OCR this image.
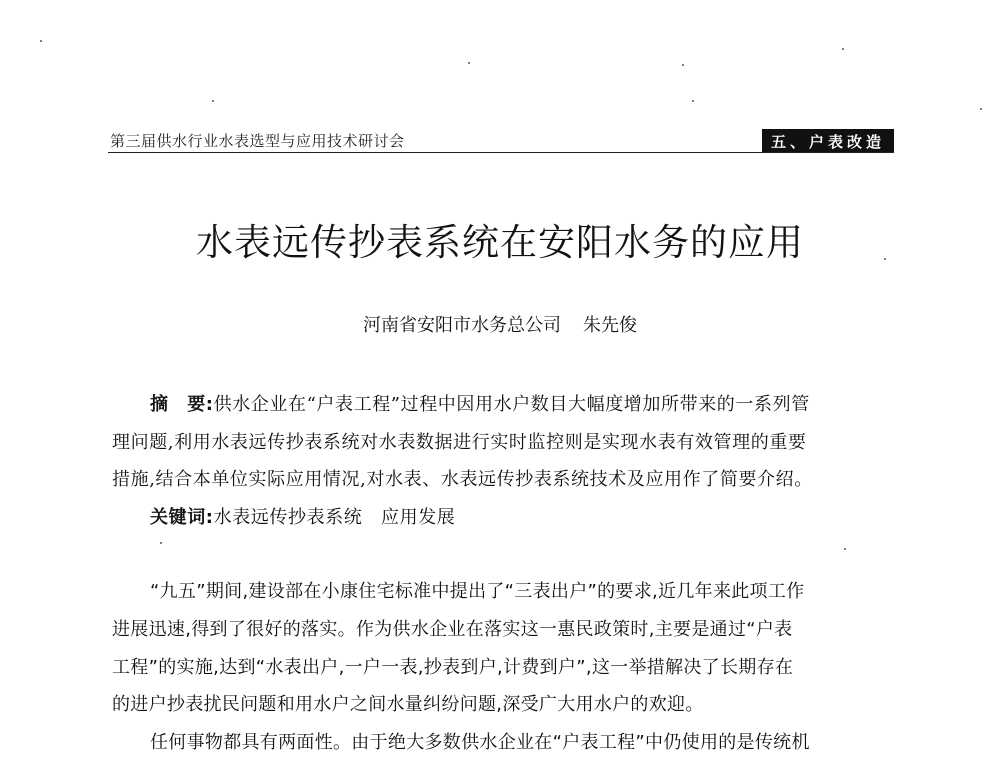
第三届供水行业水表选型与应用技术研讨会	五、户表改造
水表远传抄表系统在安阳水务的应用
河南省安阳市水务总公司 朱先俊
摘　要:供水企业在“户表工程”过程中因用水户数目大幅度增加所带来的一系列管
理问题,利用水表远传抄表系统对水表数据进行实时监控则是实现水表有效管理的重要
措施,结合本单位实际应用情况,对水表、水表远传抄表系统技术及应用作了简要介绍。
关键词:水表远传抄表系统　应用发展
“九五”期间,建设部在小康住宅标准中提出了“三表出户”的要求,近几年来此项工作
进展迅速,得到了很好的落实。作为供水企业在落实这一惠民政策时,主要是通过“户表
工程”的实施,达到“水表出户,一户一表,抄表到户,计费到户”,这一举措解决了长期存在
的进户抄表扰民问题和用水户之间水量纠纷问题,深受广大用水户的欢迎。
任何事物都具有两面性。由于绝大多数供水企业在“户表工程”中仍使用的是传统机
